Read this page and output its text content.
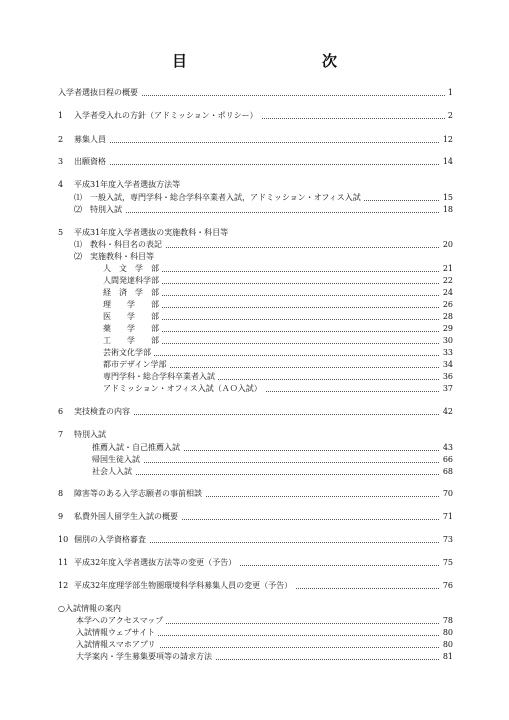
目　次
入学者選抜日程の概要	1
1 入学者受入れの方針（アドミッション・ポリシー）	2
2 募集人員	12
3 出願資格	14
4 平成31年度入学者選抜方法等
⑴ 一般入試，専門学科・総合学科卒業者入試，アドミッション・オフィス入試	15
⑵ 特別入試	18
5 平成31年度入学者選抜の実施教科・科目等
⑴ 教科・科目名の表記	20
⑵ 実施教科・科目等
人　文　学　部	21
人間発達科学部	22
経　済　学　部	24
理　　学　　部	26
医　　学　　部	28
薬　　学　　部	29
工　　学　　部	30
芸術文化学部	33
都市デザイン学部	34
専門学科・総合学科卒業者入試	36
アドミッション・オフィス入試（ＡＯ入試）	37
6 実技検査の内容	42
7 特別入試
推薦入試・自己推薦入試	43
帰国生徒入試	66
社会人入試	68
8 障害等のある入学志願者の事前相談	70
9 私費外国人留学生入試の概要	71
10 個別の入学資格審査	73
11 平成32年度入学者選抜方法等の変更（予告）	75
12 平成32年度理学部生物圏環境科学科募集人員の変更（予告）	76
○入試情報の案内
本学へのアクセスマップ	78
入試情報ウェブサイト	80
入試情報スマホアプリ	80
大学案内・学生募集要項等の請求方法	81
